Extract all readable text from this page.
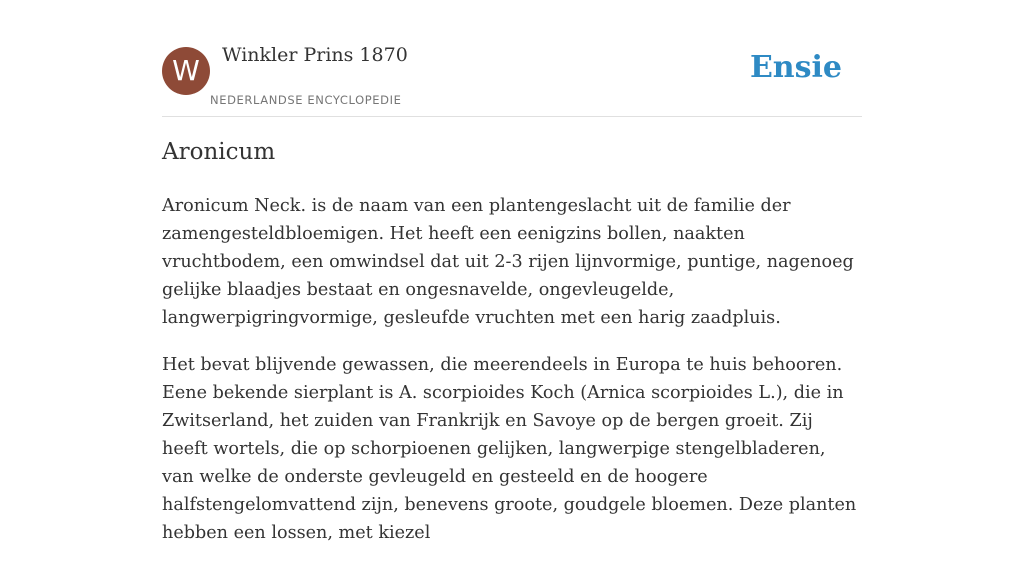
W	Winkler Prins 1870
NEDERLANDSE ENCYCLOPEDIE
Ensie
Aronicum

Aronicum Neck. is de naam van een plantengeslacht uit de familie der zamengesteldbloemigen. Het heeft een eenigzins bollen, naakten vruchtbodem, een omwindsel dat uit 2-3 rijen lijnvormige, puntige, nagenoeg gelijke blaadjes bestaat en ongesnavelde, ongevleugelde, langwerpigringvormige, gesleufde vruchten met een harig zaadpluis.

Het bevat blijvende gewassen, die meerendeels in Europa te huis behooren. Eene bekende sierplant is A. scorpioides Koch (Arnica scorpioides L.), die in Zwitserland, het zuiden van Frankrijk en Savoye op de bergen groeit. Zij heeft wortels, die op schorpioenen gelijken, langwerpige stengelbladeren, van welke de onderste gevleugeld en gesteeld en de hoogere halfstengelomvattend zijn, benevens groote, goudgele bloemen. Deze planten hebben een lossen, met kiezel
